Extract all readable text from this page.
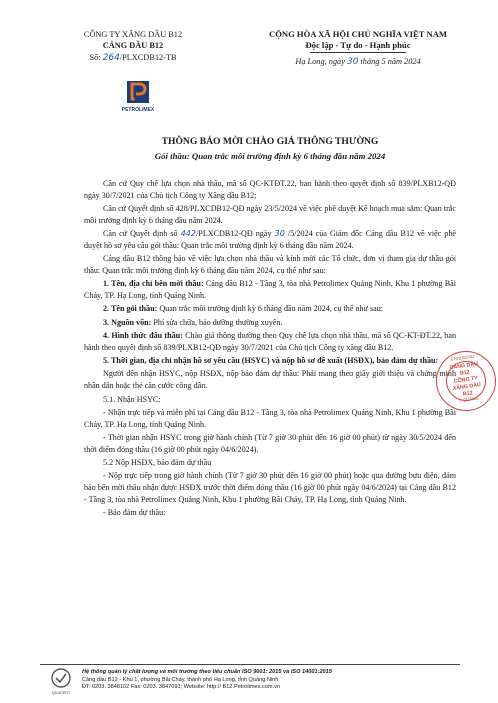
CÔNG TY XĂNG DẦU B12
CẢNG DẦU B12
Số: 264/PLXCDB12-TB
PETROLIMEX
CỘNG HÒA XÃ HỘI CHỦ NGHĨA VIỆT NAM
Độc lập - Tự do - Hạnh phúc
Hạ Long, ngày 30 tháng 5 năm 2024
THÔNG BÁO MỜI CHÀO GIÁ THÔNG THƯỜNG
Gói thầu: Quan trắc môi trường định kỳ 6 tháng đầu năm 2024

Căn cứ Quy chế lựa chọn nhà thầu, mã số QC-KTĐT.22, ban hành theo quyết định số 839/PLXB12-QĐ ngày 30/7/2021 của Chủ tịch Công ty Xăng dầu B12;

Căn cứ Quyết định số 428/PLXCDB12-QĐ ngày 23/5/2024 về việc phê duyệt Kế hoạch mua sắm: Quan trắc môi trường định kỳ 6 tháng đầu năm 2024.

Căn cứ Quyết định số 442/PLXCDB12-QĐ ngày 30 /5/2024 của Giám đốc Cảng dầu B12 về việc phê duyệt hồ sơ yêu cầu gói thầu: Quan trắc môi trường định kỳ 6 tháng đầu năm 2024.

Cảng dầu B12 thông báo về việc lựa chọn nhà thầu và kính mời các Tổ chức, đơn vị tham gia dự thầu gói thầu: Quan trắc môi trường định kỳ 6 tháng đầu năm 2024, cụ thể như sau:

1. Tên, địa chỉ bên mời thầu: Cảng dầu B12 - Tầng 3, tòa nhà Petrolimex Quảng Ninh, Khu 1 phường Bãi Cháy, TP. Hạ Long, tỉnh Quảng Ninh.

2. Tên gói thầu: Quan trắc môi trường định kỳ 6 tháng đầu năm 2024, cụ thể như sau:

3. Nguồn vốn: Phí sửa chữa, bảo dưỡng thường xuyên.

4. Hình thức đấu thầu: Chào giá thông thường theo Quy chế lựa chọn nhà thầu, mã số QC-KT-ĐT.22, ban hành theo quyết định số 839/PLXB12-QĐ ngày 30/7/2021 của Chủ tịch Công ty xăng dầu B12.

5. Thời gian, địa chỉ nhận hồ sơ yêu cầu (HSYC) và nộp hồ sơ đề xuất (HSĐX), bảo đảm dự thầu:

Người đến nhận HSYC, nộp HSĐX, nộp bảo đảm dự thầu: Phải mang theo giấy giới thiệu và chứng minh nhân dân hoặc thẻ căn cước công dân.

5.1. Nhận HSYC:

- Nhận trực tiếp và miễn phí tại Cảng dầu B12 - Tầng 3, tòa nhà Petrolimex Quảng Ninh, Khu 1 phường Bãi Cháy, TP. Hạ Long, tỉnh Quảng Ninh.

- Thời gian nhận HSYC trong giờ hành chính (Từ 7 giờ 30 phút đến 16 giờ 00 phút) từ ngày 30/5/2024 đến thời điểm đóng thầu (16 giờ 00 phút ngày 04/6/2024).

5.2 Nộp HSĐX, bảo đảm dự thầu

- Nộp trực tiếp trong giờ hành chính (Từ 7 giờ 30 phút đến 16 giờ 00 phút) hoặc qua đường bưu điện, đảm bảo bên mời thầu nhận được HSĐX trước thời điểm đóng thầu (16 giờ 00 phút ngày 04/6/2024) tại Cảng dầu B12 - Tầng 3, tòa nhà Petrolimex Quảng Ninh, Khu 1 phường Bãi Cháy, TP. Hạ Long, tỉnh Quảng Ninh.

- Bảo đảm dự thầu:

5701001001
CẢNG DẦU
B12
CÔNG TY
XĂNG DẦU
B12
T. QUẢNG
QUACERT
Hệ thống quản lý chất lượng và môi trường theo tiêu chuẩn ISO 9001: 2015 và ISO 14001:2015
Cảng dầu B12 - Khu 1, phường Bãi Cháy, thành phố Hạ Long, tỉnh Quảng Ninh
ĐT: 0203. 3848102 Fax: 0203. 3847091; Website: http:// B12.Petrolimex.com.vn
